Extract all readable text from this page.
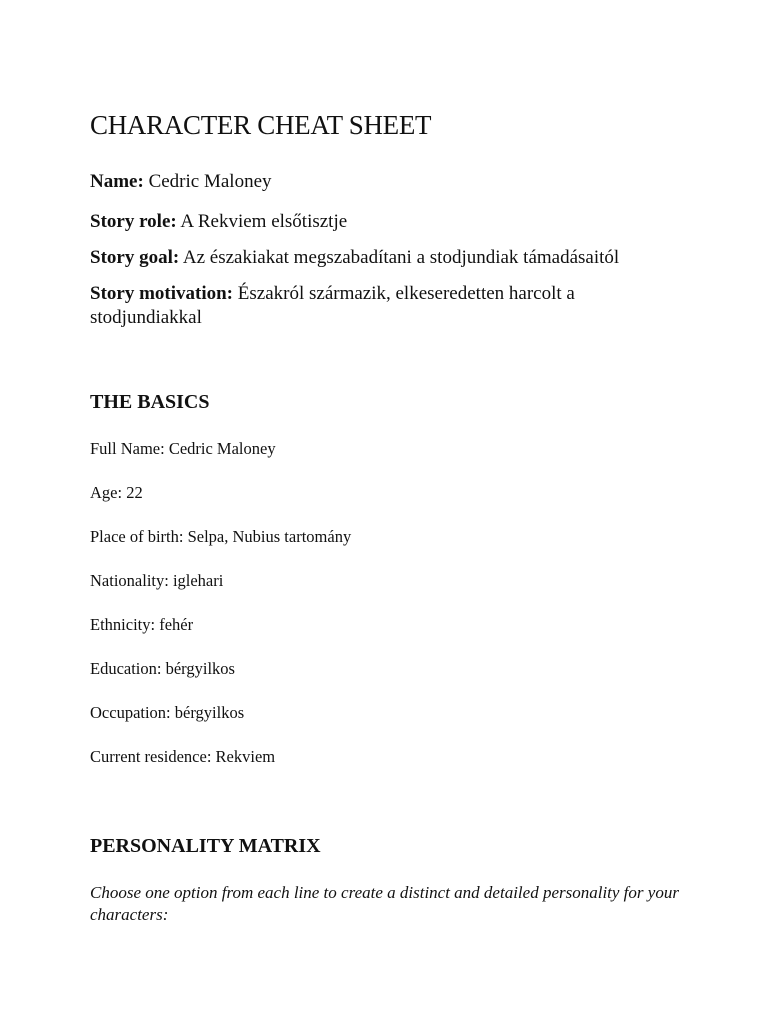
CHARACTER CHEAT SHEET

Name: Cedric Maloney

Story role: A Rekviem elsőtisztje

Story goal: Az északiakat megszabadítani a stodjundiak támadásaitól

Story motivation: Északról származik, elkeseredetten harcolt a stodjundiakkal

THE BASICS

Full Name: Cedric Maloney

Age: 22

Place of birth: Selpa, Nubius tartomány

Nationality: iglehari

Ethnicity: fehér

Education: bérgyilkos

Occupation: bérgyilkos

Current residence: Rekviem

PERSONALITY MATRIX

Choose one option from each line to create a distinct and detailed personality for your characters:
